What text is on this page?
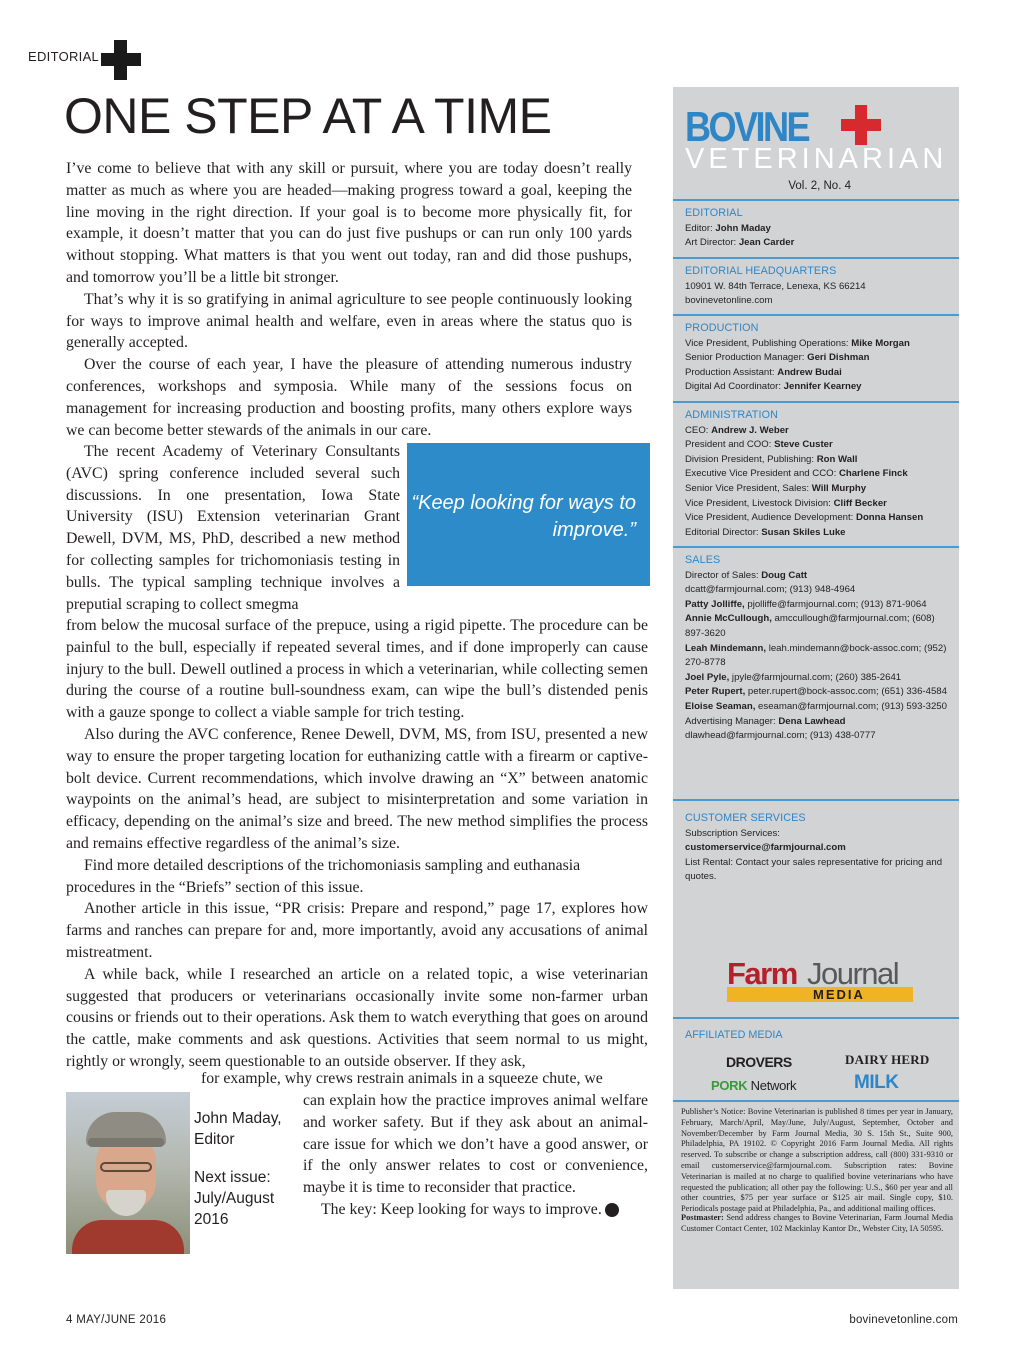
EDITORIAL
ONE STEP AT A TIME

I’ve come to believe that with any skill or pursuit, where you are today doesn’t really matter as much as where you are headed—making progress toward a goal, keeping the line moving in the right direction. If your goal is to become more physically fit, for example, it doesn’t matter that you can do just five pushups or can run only 100 yards without stopping. What matters is that you went out today, ran and did those pushups, and tomorrow you’ll be a little bit stronger.

That’s why it is so gratifying in animal agriculture to see people continuously looking for ways to improve animal health and welfare, even in areas where the status quo is generally accepted.

Over the course of each year, I have the pleasure of attending numerous industry conferences, workshops and symposia. While many of the sessions focus on management for increasing production and boosting profits, many others explore ways we can become better stewards of the animals in our care.

The recent Academy of Veterinary Consultants (AVC) spring conference included several such discussions. In one presentation, Iowa State University (ISU) Extension veterinarian Grant Dewell, DVM, MS, PhD, described a new method for collecting samples for trichomoniasis testing in bulls. The typical sampling technique involves a preputial scraping to collect smegma

“Keep looking for ways to improve.”

from below the mucosal surface of the prepuce, using a rigid pipette. The procedure can be painful to the bull, especially if repeated several times, and if done improperly can cause injury to the bull. Dewell outlined a process in which a veterinarian, while collecting semen during the course of a routine bull-soundness exam, can wipe the bull’s distended penis with a gauze sponge to collect a viable sample for trich testing.

Also during the AVC conference, Renee Dewell, DVM, MS, from ISU, presented a new way to ensure the proper targeting location for euthanizing cattle with a firearm or captive-bolt device. Current recommendations, which involve drawing an “X” between anatomic waypoints on the animal’s head, are subject to misinterpretation and some variation in efficacy, depending on the animal’s size and breed. The new method simplifies the process and remains effective regardless of the animal’s size.

Find more detailed descriptions of the trichomoniasis sampling and euthanasia procedures in the “Briefs” section of this issue.

Another article in this issue, “PR crisis: Prepare and respond,” page 17, explores how farms and ranches can prepare for and, more importantly, avoid any accusations of animal mistreatment.

A while back, while I researched an article on a related topic, a wise veterinarian suggested that producers or veterinarians occasionally invite some non-farmer urban cousins or friends out to their operations. Ask them to watch everything that goes on around the cattle, make comments and ask questions. Activities that seem normal to us might, rightly or wrongly, seem questionable to an outside observer. If they ask,

for example, why crews restrain animals in a squeeze chute, we

can explain how the practice improves animal welfare and worker safety. But if they ask about an animal-care issue for which we don’t have a good answer, or if the only answer relates to cost or convenience, maybe it is time to reconsider that practice.

The key: Keep looking for ways to improve.	BV

John Maday,
Editor
Next issue:
July/August
2016
4 MAY/JUNE 2016	bovinevetonline.com
BOVINE
VETERINARIAN
Vol. 2, No. 4
EDITORIAL
Editor: John Maday
Art Director: Jean Carder
EDITORIAL HEADQUARTERS
10901 W. 84th Terrace, Lenexa, KS 66214
bovinevetonline.com
PRODUCTION
Vice President, Publishing Operations: Mike Morgan
Senior Production Manager: Geri Dishman
Production Assistant: Andrew Budai
Digital Ad Coordinator: Jennifer Kearney
ADMINISTRATION
CEO: Andrew J. Weber
President and COO: Steve Custer
Division President, Publishing: Ron Wall
Executive Vice President and CCO: Charlene Finck
Senior Vice President, Sales: Will Murphy
Vice President, Livestock Division: Cliff Becker
Vice President, Audience Development: Donna Hansen
Editorial Director: Susan Skiles Luke
SALES
Director of Sales: Doug Catt
dcatt@farmjournal.com; (913) 948-4964
Patty Jolliffe, pjolliffe@farmjournal.com; (913) 871-9064
Annie McCullough, amccullough@farmjournal.com; (608) 897-3620
Leah Mindemann, leah.mindemann@bock-assoc.com; (952) 270-8778
Joel Pyle, jpyle@farmjournal.com; (260) 385-2641
Peter Rupert, peter.rupert@bock-assoc.com; (651) 336-4584
Eloise Seaman, eseaman@farmjournal.com; (913) 593-3250
Advertising Manager: Dena Lawhead
dlawhead@farmjournal.com; (913) 438-0777
CUSTOMER SERVICES
Subscription Services:
customerservice@farmjournal.com
List Rental: Contact your sales representative for pricing and quotes.
MEDIA
Farm Journal
AFFILIATED MEDIA
DROVERS	DAIRY HERD
PORK Network	MILK
Publisher’s Notice: Bovine Veterinarian is published 8 times per year in January, February, March/April, May/June, July/August, September, October and November/December by Farm Journal Media, 30 S. 15th St., Suite 900, Philadelphia, PA 19102. © Copyright 2016 Farm Journal Media. All rights reserved. To subscribe or change a subscription address, call (800) 331-9310 or email customerservice@farmjournal.com. Subscription rates: Bovine Veterinarian is mailed at no charge to qualified bovine veterinarians who have requested the publication; all other pay the following: U.S., $60 per year and all other countries, $75 per year surface or $125 air mail. Single copy, $10. Periodicals postage paid at Philadelphia, Pa., and additional mailing offices.
Postmaster: Send address changes to Bovine Veterinarian, Farm Journal Media Customer Contact Center, 102 Mackinlay Kantor Dr., Webster City, IA 50595.
